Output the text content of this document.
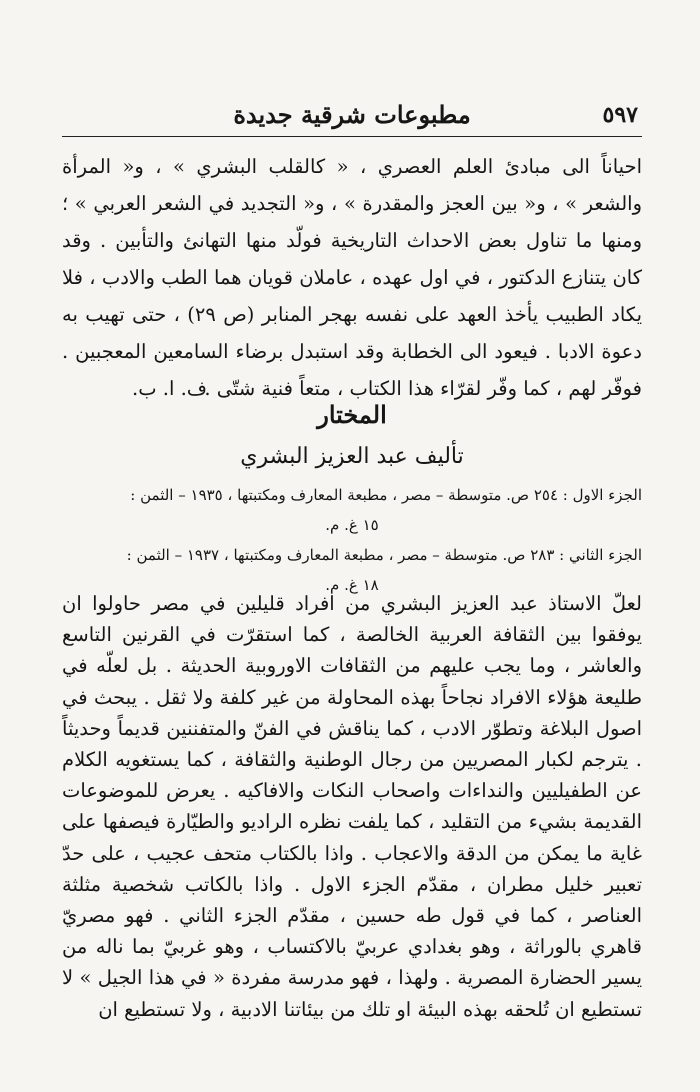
مطبوعات شرقية جديدة	٥٩٧
احياناً الى مبادئ العلم العصري ، « كالقلب البشري » ، و« المرأة والشعر » ، و« بين العجز والمقدرة » ، و« التجديد في الشعر العربي » ؛ ومنها ما تناول بعض الاحداث التاريخية فولّد منها التهانئ والتأبين . وقد كان يتنازع الدكتور ، في اول عهده ، عاملان قويان هما الطب والادب ، فلا يكاد الطبيب يأخذ العهد على نفسه بهجر المنابر (ص ٢٩) ، حتى تهيب به دعوة الادبا . فيعود الى الخطابة وقد استبدل برضاء السامعين المعجبين . فوفّر لهم ، كما وفّر لقرّاء هذا الكتاب ، متعاً فنية شتّى .
ف. ا. ب.
المختار
تأليف عبد العزيز البشري
الجزء الاول : ٢٥٤ ص. متوسطة – مصر ، مطبعة المعارف ومكتبتها ، ١٩٣٥ – الثمن :
١٥ غ. م.
الجزء الثاني : ٢٨٣ ص. متوسطة – مصر ، مطبعة المعارف ومكتبتها ، ١٩٣٧ – الثمن :
١٨ غ. م.
لعلّ الاستاذ عبد العزيز البشري من افراد قليلين في مصر حاولوا ان يوفقوا بين الثقافة العربية الخالصة ، كما استقرّت في القرنين التاسع والعاشر ، وما يجب عليهم من الثقافات الاوروبية الحديثة . بل لعلّه في طليعة هؤلاء الافراد نجاحاً بهذه المحاولة من غير كلفة ولا ثقل . يبحث في اصول البلاغة وتطوّر الادب ، كما يناقش في الفنّ والمتفننين قديماً وحديثاً . يترجم لكبار المصريين من رجال الوطنية والثقافة ، كما يستغويه الكلام عن الطفيليين والنداءات واصحاب النكات والافاكيه . يعرض للموضوعات القديمة بشيء من التقليد ، كما يلفت نظره الراديو والطيّارة فيصفها على غاية ما يمكن من الدقة والاعجاب . واذا بالكتاب متحف عجيب ، على حدّ تعبير خليل مطران ، مقدّم الجزء الاول . واذا بالكاتب شخصية مثلثة العناصر ، كما في قول طه حسين ، مقدّم الجزء الثاني . فهو مصريّ قاهري بالوراثة ، وهو بغدادي عربيّ بالاكتساب ، وهو غربيّ بما ناله من يسير الحضارة المصرية . ولهذا ، فهو مدرسة مفردة « في هذا الجيل » لا تستطيع ان تُلحقه بهذه البيئة او تلك من بيئاتنا الادبية ، ولا تستطيع ان
